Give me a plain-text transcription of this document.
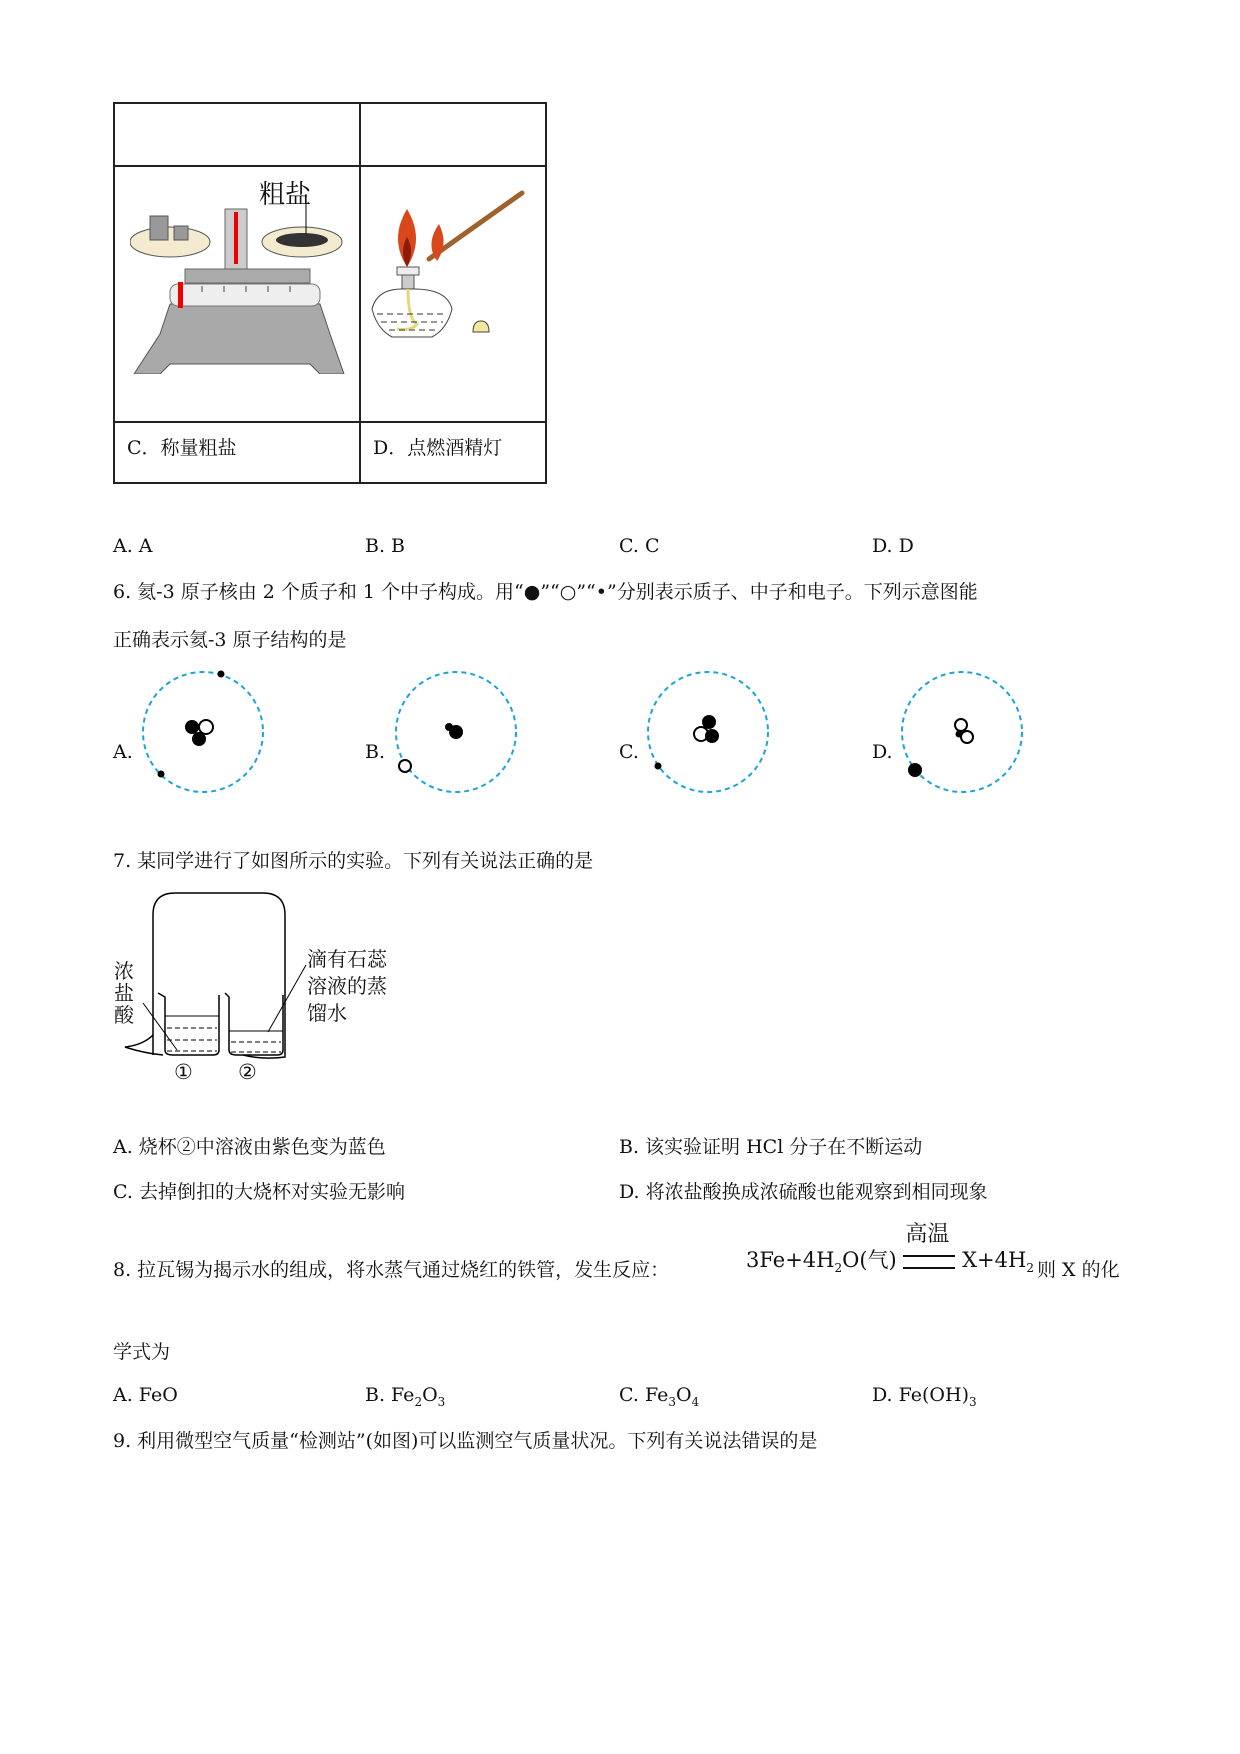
粗盐
C．称量粗盐	D．点燃酒精灯
A. A	B. B	C. C	D. D
6. 氦-3 原子核由 2 个质子和 1 个中子构成。用“●”“○”“•”分别表示质子、中子和电子。下列示意图能
正确表示氦-3 原子结构的是
A.	B.	C.	D.
7. 某同学进行了如图所示的实验。下列有关说法正确的是
浓盐酸
滴有石蕊
溶液的蒸
馏水
① ②
A. 烧杯②中溶液由紫色变为蓝色	B. 该实验证明 HCl 分子在不断运动
C. 去掉倒扣的大烧杯对实验无影响	D. 将浓盐酸换成浓硫酸也能观察到相同现象
8. 拉瓦锡为揭示水的组成，将水蒸气通过烧红的铁管，发生反应：	$3Fe+4H_2O$(气)
高温
$X+4H_2$ 则 X 的化
学式为
A. FeO	B. $Fe_2O_3$	C. $Fe_3O_4$	D. $Fe(OH)_3$
9. 利用微型空气质量“检测站”(如图)可以监测空气质量状况。下列有关说法错误的是
